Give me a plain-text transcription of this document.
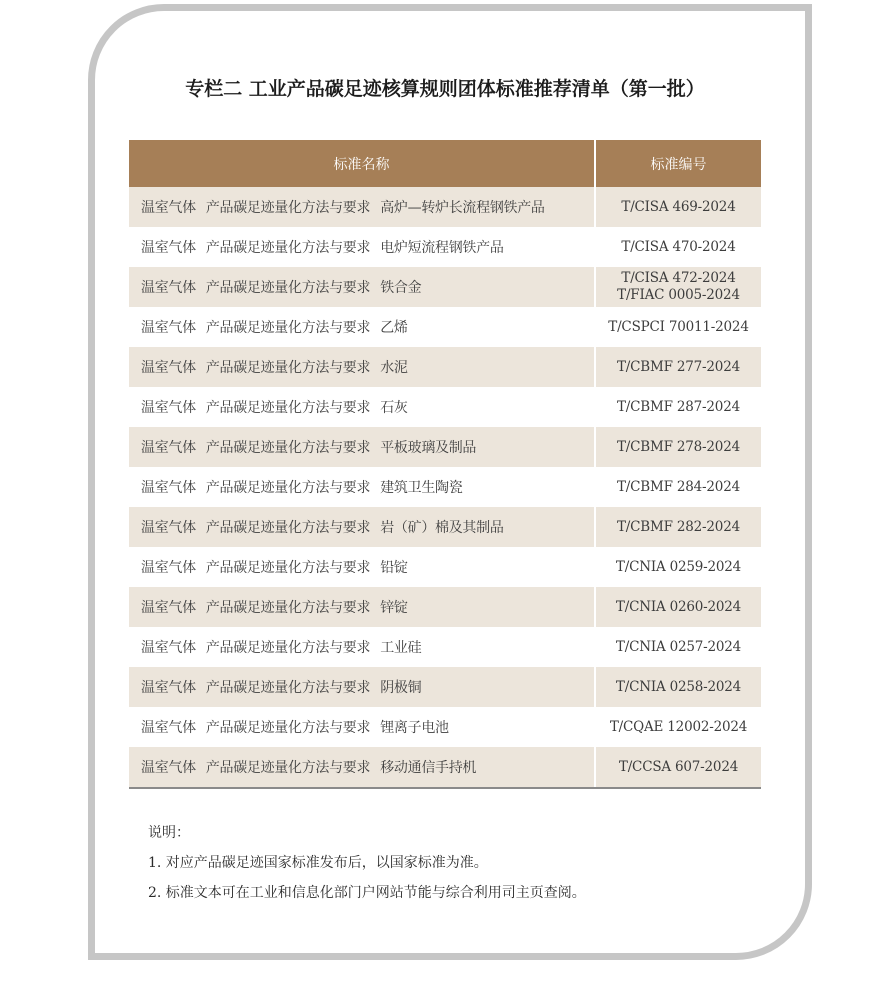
专栏二 工业产品碳足迹核算规则团体标准推荐清单（第一批）
标准名称	标准编号
温室气体 产品碳足迹量化方法与要求 高炉—转炉长流程钢铁产品	T/CISA 469-2024

温室气体 产品碳足迹量化方法与要求 电炉短流程钢铁产品	T/CISA 470-2024

温室气体 产品碳足迹量化方法与要求 铁合金	T/CISA 472-2024
T/FIAC 0005-2024

温室气体 产品碳足迹量化方法与要求 乙烯	T/CSPCI 70011-2024

温室气体 产品碳足迹量化方法与要求 水泥	T/CBMF 277-2024

温室气体 产品碳足迹量化方法与要求 石灰	T/CBMF 287-2024

温室气体 产品碳足迹量化方法与要求 平板玻璃及制品	T/CBMF 278-2024

温室气体 产品碳足迹量化方法与要求 建筑卫生陶瓷	T/CBMF 284-2024

温室气体 产品碳足迹量化方法与要求 岩（矿）棉及其制品	T/CBMF 282-2024

温室气体 产品碳足迹量化方法与要求 铅锭	T/CNIA 0259-2024

温室气体 产品碳足迹量化方法与要求 锌锭	T/CNIA 0260-2024

温室气体 产品碳足迹量化方法与要求 工业硅	T/CNIA 0257-2024

温室气体 产品碳足迹量化方法与要求 阴极铜	T/CNIA 0258-2024

温室气体 产品碳足迹量化方法与要求 锂离子电池	T/CQAE 12002-2024

温室气体 产品碳足迹量化方法与要求 移动通信手持机	T/CCSA 607-2024
说明：
1. 对应产品碳足迹国家标准发布后，以国家标准为准。
2. 标准文本可在工业和信息化部门户网站节能与综合利用司主页查阅。
